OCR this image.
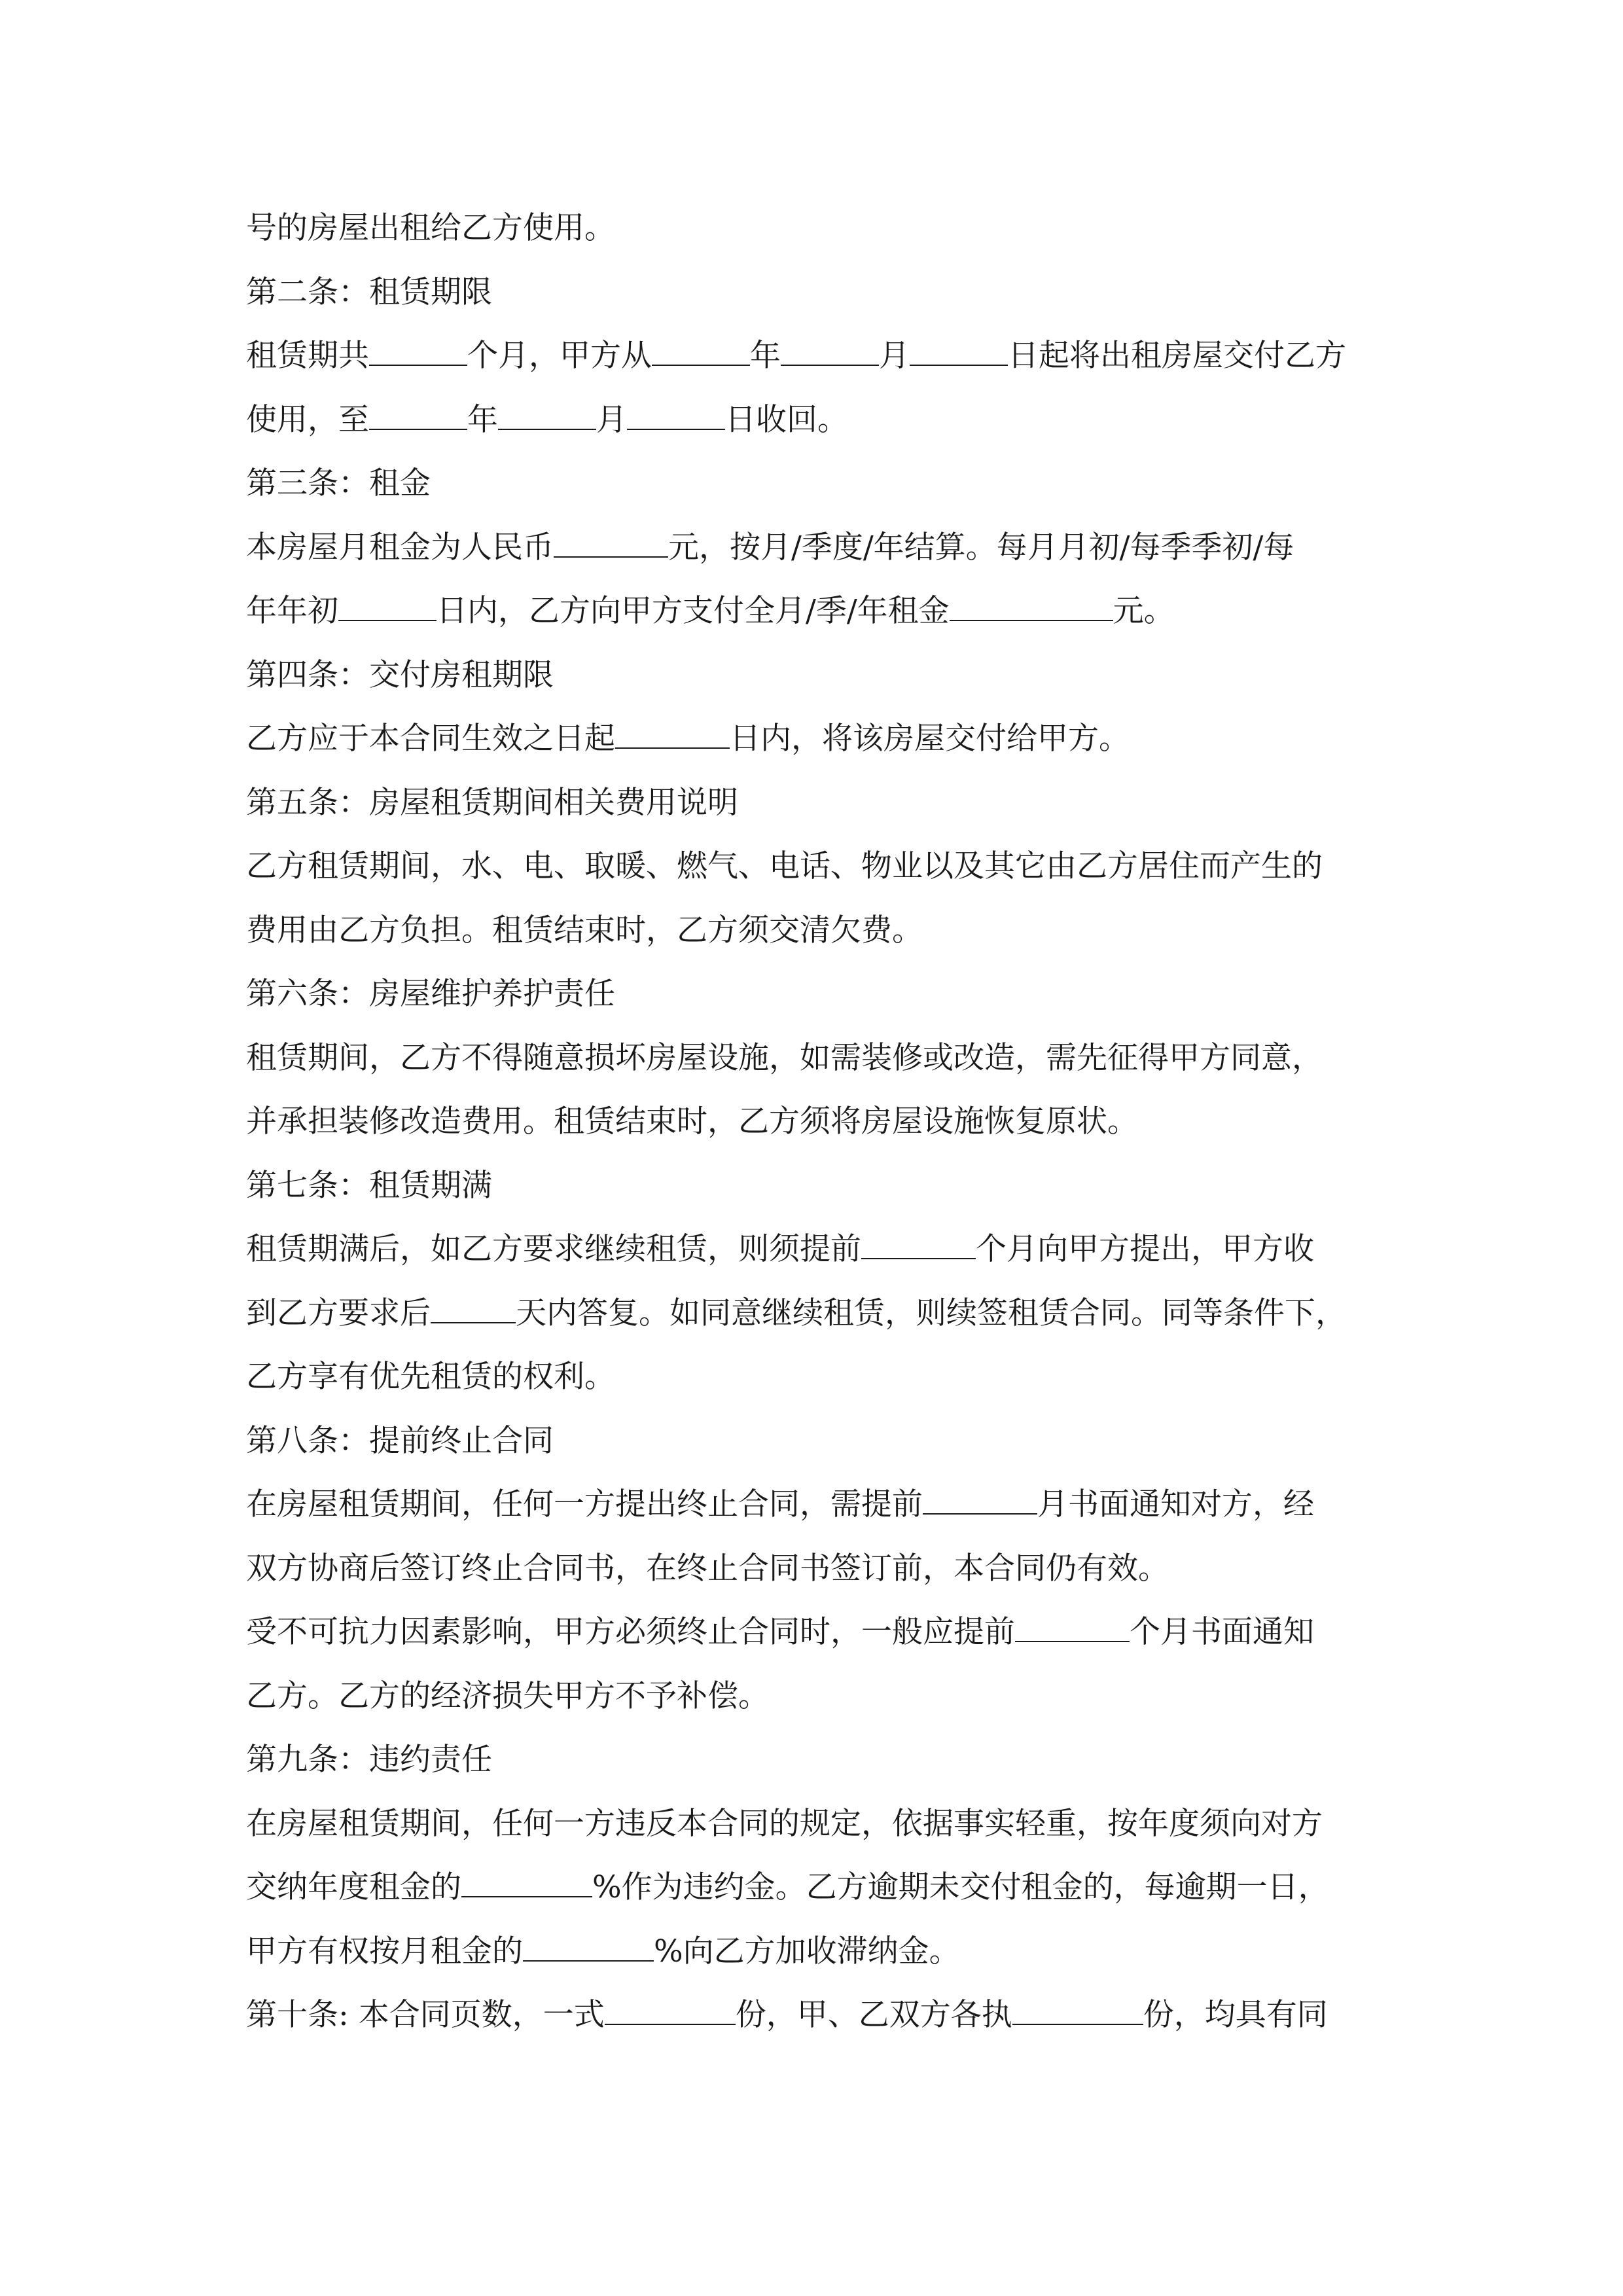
号的房屋出租给乙方使用。
第二条：租赁期限
租赁期共	个月，甲方从	年	月	日起将出租房屋交付乙方
使用，至	年	月	日收回。
第三条：租金
本房屋月租金为人民币	元，按月/季度/年结算。每月月初/每季季初/每
年年初	日内，乙方向甲方支付全月/季/年租金	元。
第四条：交付房租期限
乙方应于本合同生效之日起	日内，将该房屋交付给甲方。
第五条：房屋租赁期间相关费用说明
乙方租赁期间，水、电、取暖、燃气、电话、物业以及其它由乙方居住而产生的
费用由乙方负担。租赁结束时，乙方须交清欠费。
第六条：房屋维护养护责任
租赁期间，乙方不得随意损坏房屋设施，如需装修或改造，需先征得甲方同意，
并承担装修改造费用。租赁结束时，乙方须将房屋设施恢复原状。
第七条：租赁期满
租赁期满后，如乙方要求继续租赁，则须提前	个月向甲方提出，甲方收
到乙方要求后	天内答复。如同意继续租赁，则续签租赁合同。同等条件下，
乙方享有优先租赁的权利。
第八条：提前终止合同
在房屋租赁期间，任何一方提出终止合同，需提前	月书面通知对方，经
双方协商后签订终止合同书，在终止合同书签订前，本合同仍有效。
受不可抗力因素影响，甲方必须终止合同时，一般应提前	个月书面通知
乙方。乙方的经济损失甲方不予补偿。
第九条：违约责任
在房屋租赁期间，任何一方违反本合同的规定，依据事实轻重，按年度须向对方
交纳年度租金的	%作为违约金。乙方逾期未交付租金的，每逾期一日，
甲方有权按月租金的	%向乙方加收滞纳金。
第十条: 本合同页数，一式	份，甲、乙双方各执	份，均具有同
